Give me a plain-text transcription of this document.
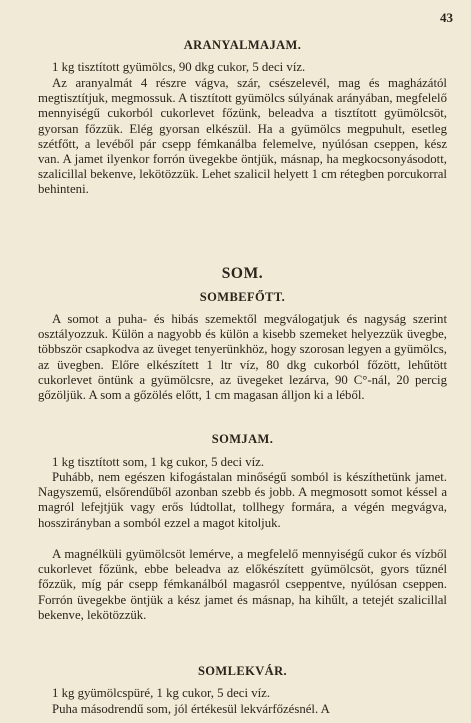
43
ARANYALMAJAM.

1 kg tisztított gyümölcs, 90 dkg cukor, 5 deci víz.

Az aranyalmát 4 részre vágva, szár, csészelevél, mag és magházától megtisztítjuk, megmossuk. A tisztított gyümölcs súlyának arányában, megfelelő mennyiségű cukorból cukorlevet főzünk, beleadva a tisztított gyümölcsöt, gyorsan főzzük. Elég gyorsan elkészül. Ha a gyümölcs megpuhult, esetleg szétfőtt, a levéből pár csepp fémkanálba felemelve, nyúlósan cseppen, kész van. A jamet ilyenkor forrón üvegekbe öntjük, másnap, ha megkocsonyásodott, szalicillal bekenve, lekötözzük. Lehet szalicil helyett 1 cm rétegben porcukorral behinteni.

SOM.
SOMBEFŐTT.

A somot a puha- és hibás szemektől megválogatjuk és nagyság szerint osztályozzuk. Külön a nagyobb és külön a kisebb szemeket helyezzük üvegbe, többször csapkodva az üveget tenyerünkhöz, hogy szorosan legyen a gyümölcs, az üvegben. Előre elkészített 1 ltr víz, 80 dkg cukorból főzött, lehűtött cukorlevet öntünk a gyümölcsre, az üvegeket lezárva, 90 C°-nál, 20 percig gőzöljük. A som a gőzölés előtt, 1 cm magasan álljon ki a léből.

SOMJAM.

1 kg tisztított som, 1 kg cukor, 5 deci víz.

Puhább, nem egészen kifogástalan minőségű somból is készíthetünk jamet. Nagyszemű, elsőrendűből azonban szebb és jobb. A megmosott somot késsel a magról lefejtjük vagy erős lúdtollat, tollhegy formára, a végén megvágva, hosszirányban a somból ezzel a magot kitoljuk.

A magnélküli gyümölcsöt lemérve, a megfelelő mennyiségű cukor és vízből cukorlevet főzünk, ebbe beleadva az előkészített gyümölcsöt, gyors tűznél főzzük, míg pár csepp fémkanálból magasról cseppentve, nyúlósan cseppen. Forrón üvegekbe öntjük a kész jamet és másnap, ha kihűlt, a tetejét szalicillal bekenve, lekötözzük.

SOMLEKVÁR.

1 kg gyümölcspüré, 1 kg cukor, 5 deci víz.

Puha másodrendű som, jól értékesül lekvárfőzésnél. A
